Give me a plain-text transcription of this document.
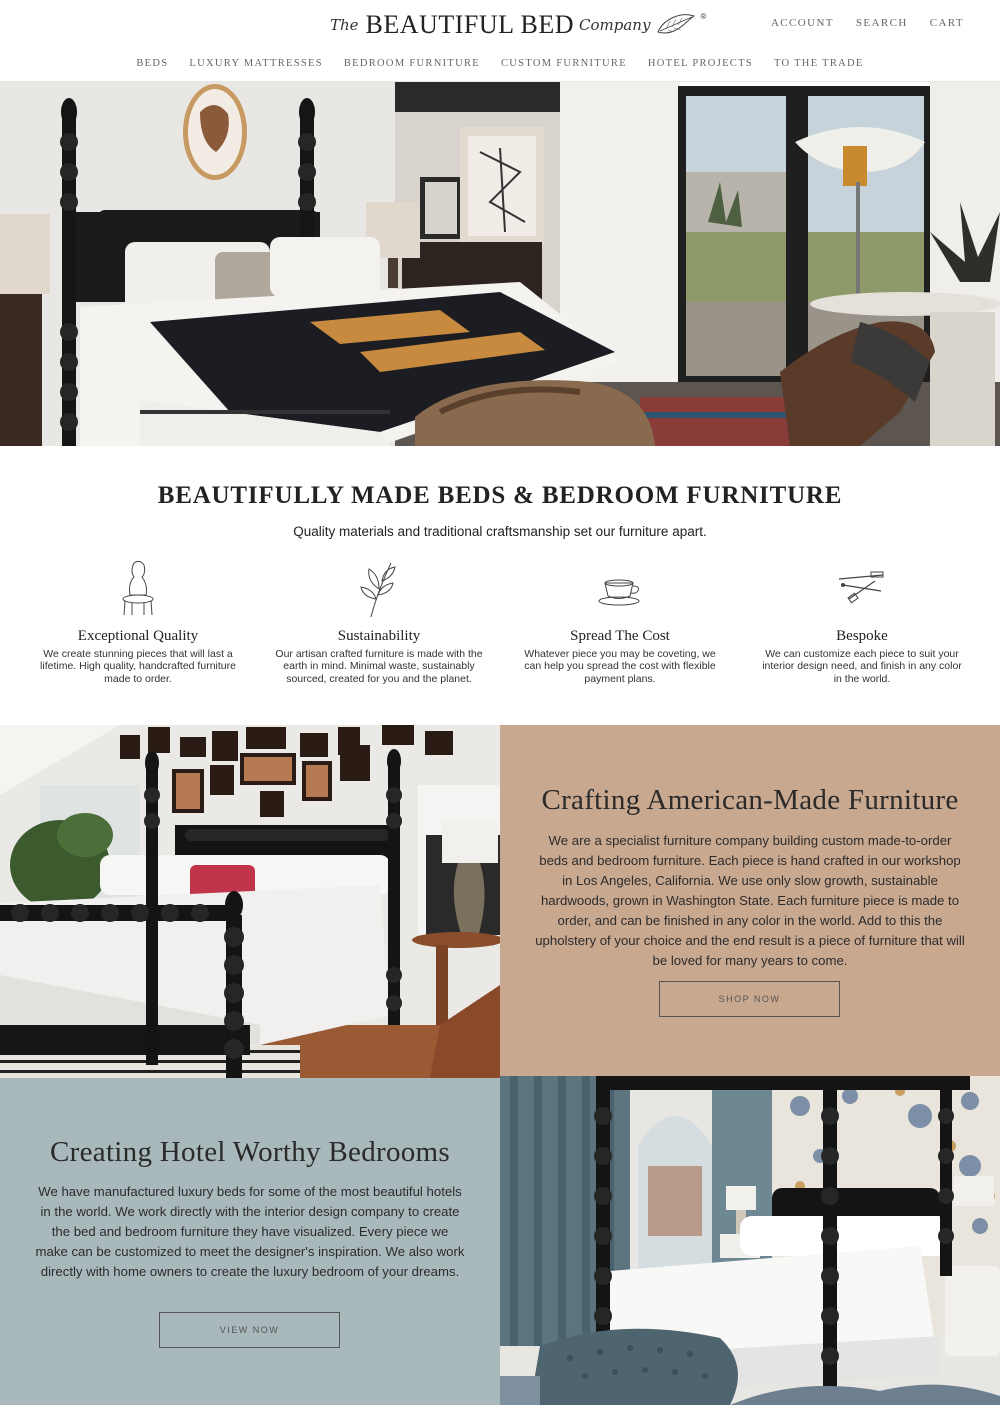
The BEAUTIFUL BED Company	®
ACCOUNT SEARCH CART
BEDS LUXURY MATTRESSES BEDROOM FURNITURE CUSTOM FURNITURE HOTEL PROJECTS TO THE TRADE
BEAUTIFULLY MADE BEDS & BEDROOM FURNITURE

Quality materials and traditional craftsmanship set our furniture apart.

Exceptional Quality

We create stunning pieces that will last a lifetime. High quality, handcrafted furniture made to order.

Sustainability

Our artisan crafted furniture is made with the earth in mind. Minimal waste, sustainably sourced, created for you and the planet.

Spread The Cost

Whatever piece you may be coveting, we can help you spread the cost with flexible payment plans.

Bespoke

We can customize each piece to suit your interior design need, and finish in any color in the world.

Crafting American-Made Furniture

We are a specialist furniture company building custom made-to-order beds and bedroom furniture. Each piece is hand crafted in our workshop in Los Angeles, California. We use only slow growth, sustainable hardwoods, grown in Washington State. Each furniture piece is made to order, and can be finished in any color in the world. Add to this the upholstery of your choice and the end result is a piece of furniture that will be loved for many years to come.

SHOP NOW
Creating Hotel Worthy Bedrooms

We have manufactured luxury beds for some of the most beautiful hotels in the world. We work directly with the interior design company to create the bed and bedroom furniture they have visualized. Every piece we make can be customized to meet the designer's inspiration. We also work directly with home owners to create the luxury bedroom of your dreams.

VIEW NOW
